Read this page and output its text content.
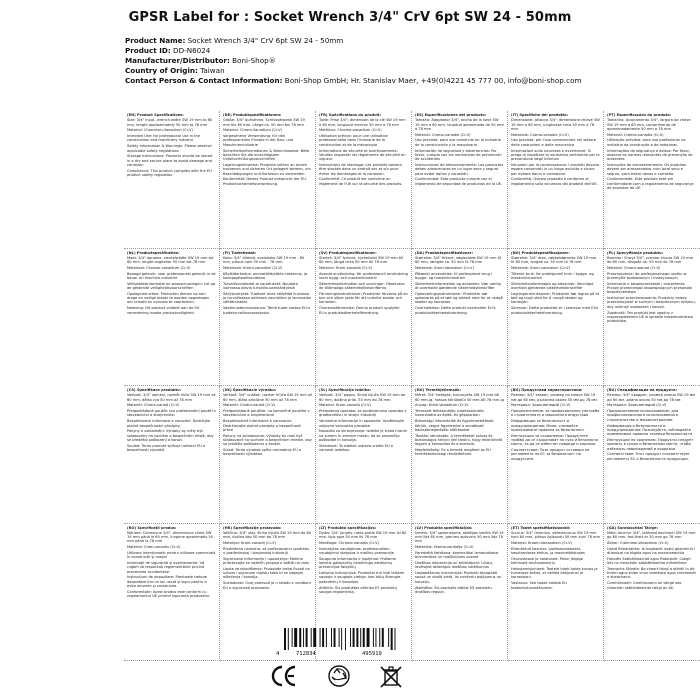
GPSR Label for : Socket Wrench 3/4" CrV 6pt SW 24 - 50mm
Product Name: Socket Wrench 3/4" CrV 6pt SW 24 - 50mm
Product ID: DD-N6024
Manufacturer/Distributor: Boni-Shop®
Country of Origin: Taiwan
Contact Person & Contact Information: Boni-Shop GmbH; Hr. Stanislav Maer, +49(0)4221 45 777 00, info@boni-shop.com

(EN) Product Specifications:

Size: 3/4" input, wrench width SW 19 mm to 60 mm, length approximately 50 mm to 78 mm

Material: Chromium-Vanadium (Cr-V)

Intended Use: for professional use in the construction and machinery industry

Safety Information & Warnings: Please observe applicable safety regulations

Storage Instructions: Products should be stored in a dry and secure place to avoid damage and corrosion

Compliance: This product complies with the EU product safety regulation.

(DE) Produktspezifikationen:

Größe: 3/4" Aufnahme, Schlüsselweite SW 19 mm bis 60 mm, Länge ca. 50 mm bis 78 mm

Material: Chrom-Vanadium (Cr-V)

Vorgesehene Verwendung: für den professionellen Einsatz in der Bau- und Maschinenindustrie

Sicherheitsinformationen & Warnhinweise: Bitte beachten Sie die einschlägigen Unfallverhütungsvorschriften

Lagerungshinweise: Produkte sollten an einem trockenen und sicheren Ort gelagert werden, um Beschädigungen und Korrosion zu vermeiden.

Konformität: Dieses Produkt entspricht der EU-Produktsicherheitsverordnung.

(FR) Spécifications du produit:

Taille: Prise 3/4", dimension de la clé SW 19 mm à 60 mm, longueur environ 50 mm à 78 mm

Matériau: Chrome-vanadium (Cr-V)

Utilisation prévue: pour une utilisation professionnelle dans l'industrie de la construction et de la mécanique

Informations de sécurité et avertissements: Veuillez respecter les règlements de sécurité en vigueur

Instructions de stockage: Les produits doivent être stockés dans un endroit sec et sûr pour éviter les dommages et la corrosion.

Conformité: Ce produit est conforme au règlement de l'UE sur la sécurité des produits.

(ES) Especificaciones del producto:

Tamaño: Adaptador 3/4", ancho de la llave SW 19 mm a 60 mm, longitud aproximada de 50 mm a 78 mm

Material: Cromo-vanadio (Cr-V)

Uso previsto: para uso comercial en la industria de la construcción y la maquinaria

Información de seguridad y advertencias: Por favor, cumpla con las normativas de prevención de accidentes

Instrucciones de almacenamiento: Los productos deben almacenarse en un lugar seco y seguro para evitar daños y corrosión.

Conformidad: Este producto cumple con el reglamento de seguridad de productos de la UE.

(IT) Specifiche del prodotto:

Dimensione: Attacco 3/4", dimensione chiave SW 19 mm a 60 mm, lunghezza circa 50 mm a 78 mm

Materiale: Cromo-vanadio (Cr-V)

Uso previsto: per l'uso commerciale nel settore delle costruzioni e della meccanica

Informazioni sulla sicurezza e avvertenze: Si prega di rispettare la normativa pertinente per la prevenzione degli infortuni

Istruzioni per la conservazione: I prodotti devono essere conservati in un luogo asciutto e sicuro per evitare danni e corrosione.

Conformità: Questo prodotto è conforme al regolamento sulla sicurezza dei prodotti dell'UE.

(PT) Especificações do produto:

Tamanho: Acionamento 3/4", largura da chave SW 19 mm a 60 mm, comprimento de aproximadamente 50 mm a 78 mm

Material: Crómio-vanádio (Cr-V)

Utilização prevista: para uso profissional na indústria da construção e de máquinas

Informações de segurança e avisos: Por favor, observe as normas relevantes de prevenção de acidentes

Instruções de armazenamento: Os produtos devem ser armazenados num local seco e seguro, para evitar danos e corrosão.

Conformidade: Este produto está em conformidade com o regulamento de segurança de produtos da UE.

(NL) Productspecificaties:

Maat: 3/4" opname, sleutelwijdte SW 19 mm tot 60 mm, lengte ongeveer 50 mm tot 78 mm

Materiaal: Chroom-vanadium (Cr-V)

Beoogd gebruik: voor professioneel gebruik in de bouw- en machine-industrie

Veiligheidsinformatie en waarschuwingen: Let op de geldende veiligheidsvoorschriften

Opslaginstructies: Producten dienen op een droge en veilige plaats te worden opgeslagen om schade en corrosie te voorkomen.

Naleving: Dit product voldoet aan de EU-verordening inzake productveiligheid.

(FI) Tuotetiedot:

Koko: 3/4" liitäntä, avainkoko SW 19 mm - 60 mm, pituus noin 50 mm - 78 mm

Materiaali: Kromi-vanadiini (Cr-V)

Käyttötarkoitus: ammattikäyttöön rakennus- ja konepajateollisuudessa

Turvallisuustiedot ja varoitukset: Noudata voimassa olevia turvallisuusmääräyksiä

Säilytysohjeet: Tuotteet tulee säilyttää kuivassa ja turvallisessa paikassa vaurioiden ja korroosion välttämiseksi.

Vaatimustenmukaisuus: Tämä tuote vastaa EU:n tuoteturvallisuusasetusta.

(SV) Produktspecifikationer:

Storlek: 3/4" fyrkant, nyckelvidd SW 19 mm till 60 mm, längd cirka 50 mm till 78 mm

Material: Krom-vanadin (Cr-V)

Avsedd användning: för professionell användning inom bygg- och maskinindustrin

Säkerhetsinformation och varningar: Observera de tillämpliga säkerhetsföreskrifterna

Förvaringsinstruktioner: Produkter förvaras på en torr och säker plats för att undvika skador och korrosion.

Överensstämmelse: Denna produkt uppfyller EU:s produktsäkerhetsförordning.

(DA) Produktspecifikationer:

Størrelse: 3/4" firkant, nøglevidde SW 19 mm til 60 mm, længde ca. 50 mm til 78 mm

Materiale: Krom-Vanadium (Cr-V)

Påtænkt anvendelse: til professionel brug i bygge- og maskinindustrien

Sikkerhedsinformation og advarsler: Vær venlig at overholde gældende sikkerhedsforskrifter

Opbevaringsinstruktioner: Produkter bør opbevares på et tørt og sikkert sted for at undgå skader og korrosion.

Overholdelse: Dette produkt overholder EU's produktsikkerhedsforordning.

(NO) Produktspesifikasjoner:

Størrelse: 3/4" drev, nøkkelstørrelse SW 19 mm til 60 mm, lengde ca. 50 mm til 78 mm

Materiale: Krom-vanadium (Cr-V)

Tiltenkt bruk: for profesjonell bruk i bygge- og maskinindustrien

Sikkerhetsinformasjon og advarsler: Vennligst overhold gjeldende sikkerhetsforskrifter

Lagringsinstruksjoner: Produkter bør lagres på et tørt og trygt sted for å unngå skader og korrosjon.

Samsvar: Dette produktet er i samsvar med EUs produktsikkerhetsforordning.

(PL) Specyfikacje produktu:

Rozmiar: Chwyt 3/4", rozmiar klucza SW 19 mm do 60 mm, długość ok. 50 mm do 78 mm

Materiał: Chrom-wanad (Cr-V)

Przeznaczenie: do profesjonalnego użytku w przemyśle budowlanym i maszynowym

Informacje o bezpieczeństwie i ostrzeżenia: Proszę przestrzegać obowiązujących przepisów bezpieczeństwa

Instrukcje przechowywania: Produkty należy przechowywać w suchym i bezpiecznym miejscu, aby uniknąć uszkodzeń i korozji.

Zgodność: Ten produkt jest zgodny z rozporządzeniem UE w sprawie bezpieczeństwa produktów.

(CS) Specifikace produktu:

Velikost: 3/4" upínání, rozměr klíče SW 19 mm až 60 mm, délka cca 50 mm až 78 mm

Materiál: Chrom-vanad (Cr-V)

Předpokládané použití: pro profesionální použití v stavebnictví a strojírenství

Bezpečnostní informace a varování: Dodržujte platné bezpečnostní předpisy

Pokyny k uskladnění: Výrobky by měly být skladovány na suchém a bezpečném místě, aby se předešlo poškození a korozi.

Soulad: Tento produkt splňuje nařízení EU o bezpečnosti výrobků.

(SK) Špecifikácie výrobku:

Veľkosť: 3/4" unášač, rozmer kľúča SW 19 mm až 60 mm, dĺžka približne 50 mm až 78 mm

Materiál: Chróm-vanád (Cr-V)

Predpokladané použitie: na komerčné použitie v stavebníctve a strojárenstve

Bezpečnostné informácie a varovania: Dodržiavajte platné predpisy o bezpečnosti práce

Pokyny na skladovanie: Výrobky by mali byť skladované na suchom a bezpečnom mieste, aby sa predišlo poškodeniu a korózii.

Súlad: Tento výrobok spĺňa nariadenie EÚ o bezpečnosti výrobkov.

(SL) Specifikacije izdelka:

Velikost: 3/4" pogon, širina ključa SW 19 mm do 60 mm, dolžina pribl. 50 mm do 78 mm

Material: Krom-vanadij (Cr-V)

Predvidena uporaba: za profesionalno uporabo v gradbeništvu in strojni industriji

Varnostne informacije in opozorila: Upoštevajte veljavne varnostne predpise

Navodila za shranjevanje: Izdelke je treba hraniti na suhem in varnem mestu, da se preprečijo poškodbe in korozija.

Skladnost: Ta izdelek ustreza uredbi EU o varnosti izdelkov.

(HU) Termékjellemzők:

Méret: 3/4" befogás, kulcsnyílás SW 19 mm-től 60 mm-ig, hossza körülbelül 50 mm-től 78 mm-ig

Anyag: Króm-Vanádium (Cr-V)

Tervezett felhasználás: professzionális használatra az építő- és gépiparban

Biztonsági információk és figyelmeztetések: Kérjük, vegye figyelembe a vonatkozó balesetmegelőzési előírásokat

Tárolási útmutatás: A termékeket száraz és biztonságos helyen kell tárolni, hogy elkerülhető legyen a károsodás és a korrózió.

Megfelelőség: Ez a termék megfelel az EU termékbiztonsági rendeletének.

(BG) Продуктови характеристики:

Размер: 3/4" захват, размер на ключа SW 19 мм до 60 мм, дължина около 50 мм до 78 мм

Материал: Хром-ванадий (Cr-V)

Предназначение: за професионална употреба в строителната и машинната индустрия

Информация за безопасност и предупреждения: Моля, спазвайте приложимите правила за безопасност

Инструкции за съхранение: Продуктите трябва да се съхраняват на сухо и безопасно място, за да се избегнат повреди и корозия.

Съответствие: Този продукт отговаря на регламента на ЕС за безопасност на продуктите.

(RU) Спецификация на продукта:

Размер: 3/4" квадрат, размер ключа SW 19 мм до 60 мм, длина около 50 мм до 78 мм

Материал: Хром-ванадий (Cr-V)

Предполагаемое использование: для профессионального использования в строительстве и машиностроении

Информация о безопасности и предупреждения: Пожалуйста, соблюдайте применимые правила техники безопасности

Инструкции по хранению: Продукты следует хранить в сухом и безопасном месте, чтобы избежать повреждений и коррозии.

Соответствие: Этот продукт соответствует регламенту ЕС о безопасности продукции.

(RO) Specificații produs:

Mărime: Conexiune 3/4", dimensiune cheie SW 19 mm până la 60 mm, lungime aproximativ 50 mm până la 78 mm

Material: Crom-vanadiu (Cr-V)

Utilizare intenționată: pentru utilizare comercială în construcții și mașini

Informații de siguranță și avertismente: Vă rugăm să respectați reglementările privind prevenirea accidentelor

Instrucțiuni de depozitare: Produsele trebuie depozitate într-un loc uscat și sigur pentru a evita daunele și coroziunea.

Conformitate: Acest produs este conform cu regulamentul UE privind siguranța produselor.

(HR) Specifikacije proizvoda:

Veličina: 3/4" ulaz, širina ključa SW 19 mm do 60 mm, dužina oko 50 mm do 78 mm

Materijal: Krom-vanadij (Cr-V)

Predviđena namjena: za profesionalnu upotrebu u građevinskoj i strojarskoj industriji

Sigurnosne informacije i upozorenja: Molimo pridržavajte se važećih propisa o zaštiti na radu

Upute za skladištenje: Proizvode treba čuvati na suhom i sigurnom mjestu kako bi se izbjegla oštećenja i korozija.

Sukladnost: Ovaj proizvod je u skladu s uredbom EU o sigurnosti proizvoda.

(LT) Produkto specifikacijos:

Dydis: 3/4" jungtis, rakto plotis SW 19 mm iki 60 mm, ilgis apie 50 mm iki 78 mm

Medžiaga: Chromo-vanadis (Cr-V)

Numatytas naudojimas: profesionaliam naudojimui statybos ir mašinų pramonėje

Saugumo informacija ir įspėjimai: Prašome laikytis galiojančių nelaimingų atsitikimų prevencijos taisyklių

Laikymo instrukcijos: Produktai turi būti laikomi sausoje ir saugioje vietoje, kad būtų išvengta pažeidimų ir korozijos.

Atitiktis: Šis produktas atitinka ES produktų saugos reglamentą.

(LV) Produkta specifikācijas:

Izmērs: 3/4" savienojums, atslēgas izmērs SW 19 mm līdz 60 mm, garums aptuveni 50 mm līdz 78 mm

Materiāls: Hroma-vanādija (Cr-V)

Paredzētā lietošana: komerciālai izmantošanai būvniecības un mašīnbūves nozarē

Drošības informācija un brīdinājumi: Lūdzu, ievērojiet attiecīgos drošības noteikumus

Uzglabāšanas instrukcijas: Produkti jāuzglabā sausā un drošā vietā, lai novērstu bojājumus un koroziju.

Atbilstība: Šis produkts atbilst ES produktu drošības regulai.

(ET) Toote spetsifikatsioonid:

Suurus: 3/4" ühendus, võtmesuurus SW 19 mm kuni 60 mm, pikkus ligikaudu 50 mm kuni 78 mm

Materjal: Kroom-Vanaadium (Cr-V)

Ettenähtud kasutus: professionaalseks kasutamiseks ehitus- ja masinatööstuses

Ohutusteave ja hoiatused: Palun järgige kehtivaid ohutuseeskirju

Hoiustamisjuhised: Tooteid tuleb hoida kuivas ja turvalises kohas, et vältida kahjustusi ja korrosiooni.

Vastavus: See toode vastab ELi tooteohutusmäärusele.

(GA) Sonraíochtaí Táirge:

Méid: Ionchur 3/4", leithead eochrach SW 19 mm go 60 mm, fad thart ar 50 mm go 78 mm

Ábhar: Cróimiam-Vanaidiam (Cr-V)

Úsáid Bheartaithe: le haghaidh úsáid ghairmiúil i dtionscal na tógála agus na meaisíneachta

Faisnéis Sábháilteachta agus Rabhaidh: Cloígh leis na rialacháin sábháilteachta infheidhme

Treoracha Stórála: Ba cheart táirgí a stóráil in áit thirim agus shlán chun damáiste agus creimeadh a sheachaint.

Comhlíonadh: Comhlíonann an táirge seo rialachán sábháilteachta táirgí an AE.

4	712834	495919
